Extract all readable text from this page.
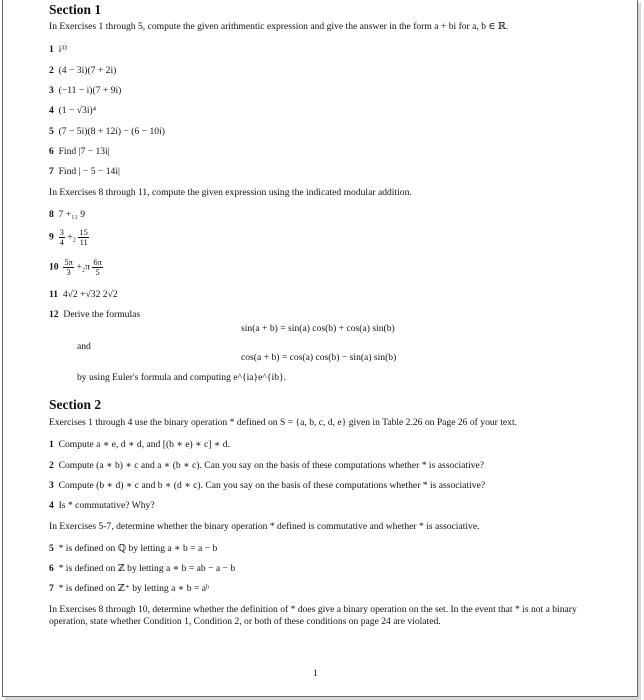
Section 1
In Exercises 1 through 5, compute the given arithmentic expression and give the answer in the form a + bi for a, b ∈ ℝ.
1 i³³
2 (4 − 3i)(7 + 2i)
3 (−11 − i)(7 + 9i)
4 (1 − √3i)⁴
5 (7 − 5i)(8 + 12i) − (6 − 10i)
6 Find |7 − 13i|
7 Find | − 5 − 14i|
In Exercises 8 through 11, compute the given expression using the indicated modular addition.
8 7 +₁₁ 9
$9 \frac{3}{4} +_2 \frac{15}{11}$
$10 \frac{5\pi}{3} +_2\pi \frac{6\pi}{5}$
11 4√2 +√32 2√2
12 Derive the formulas
sin(a + b) = sin(a) cos(b) + cos(a) sin(b)
and
cos(a + b) = cos(a) cos(b) − sin(a) sin(b)
by using Euler's formula and computing e^{ia}e^{ib}.
Section 2
Exercises 1 through 4 use the binary operation * defined on S = {a, b, c, d, e} given in Table 2.26 on Page 26 of your text.
1 Compute a ∗ e, d ∗ d, and [(b ∗ e) ∗ c] ∗ d.
2 Compute (a ∗ b) ∗ c and a ∗ (b ∗ c). Can you say on the basis of these computations whether * is associative?
3 Compute (b ∗ d) ∗ c and b ∗ (d ∗ c). Can you say on the basis of these computations whether * is associative?
4 Is * commutative? Why?
In Exercises 5-7, determine whether the binary operation * defined is commutative and whether * is associative.
5 * is defined on ℚ by letting a ∗ b = a − b
6 * is defined on ℤ by letting a ∗ b = ab − a − b
7 * is defined on ℤ⁺ by letting a ∗ b = aᵇ
In Exercises 8 through 10, determine whether the definition of * does give a binary operation on the set. In the event that * is not a binary operation, state whether Condition 1, Condition 2, or both of these conditions on page 24 are violated.
1
